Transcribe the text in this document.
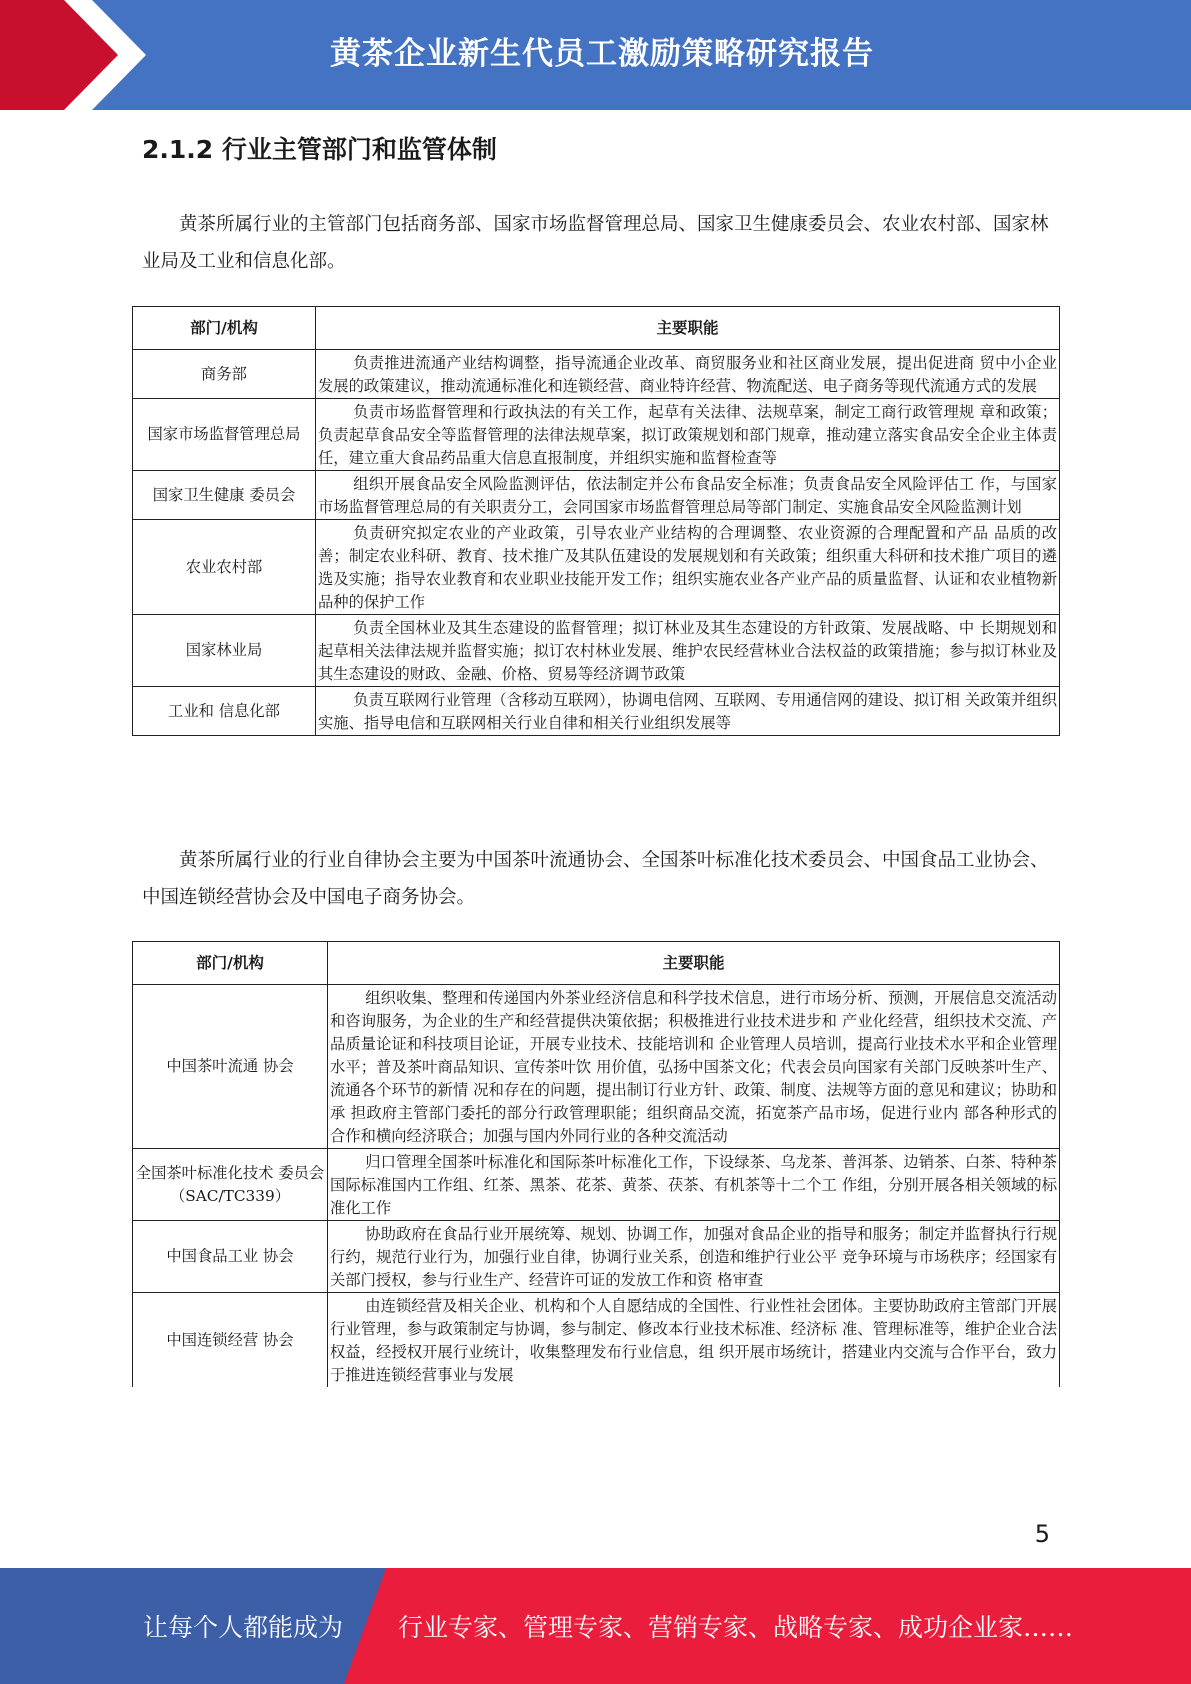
黄茶企业新生代员工激励策略研究报告
2.1.2 行业主管部门和监管体制

黄茶所属行业的主管部门包括商务部、国家市场监督管理总局、国家卫生健康委员会、农业农村部、国家林业局及工业和信息化部。

部门/机构	主要职能
商务部	负责推进流通产业结构调整，指导流通企业改革、商贸服务业和社区商业发展，提出促进商 贸中小企业发展的政策建议，推动流通标准化和连锁经营、商业特许经营、物流配送、电子商务等现代流通方式的发展
国家市场监督管理总局	负责市场监督管理和行政执法的有关工作，起草有关法律、法规草案，制定工商行政管理规 章和政策；负责起草食品安全等监督管理的法律法规草案，拟订政策规划和部门规章，推动建立落实食品安全企业主体责任，建立重大食品药品重大信息直报制度，并组织实施和监督检查等
国家卫生健康 委员会	组织开展食品安全风险监测评估，依法制定并公布食品安全标准；负责食品安全风险评估工 作，与国家市场监督管理总局的有关职责分工，会同国家市场监督管理总局等部门制定、实施食品安全风险监测计划
农业农村部	负责研究拟定农业的产业政策，引导农业产业结构的合理调整、农业资源的合理配置和产品 品质的改善；制定农业科研、教育、技术推广及其队伍建设的发展规划和有关政策；组织重大科研和技术推广项目的遴选及实施；指导农业教育和农业职业技能开发工作；组织实施农业各产业产品的质量监督、认证和农业植物新品种的保护工作
国家林业局	负责全国林业及其生态建设的监督管理；拟订林业及其生态建设的方针政策、发展战略、中 长期规划和起草相关法律法规并监督实施；拟订农村林业发展、维护农民经营林业合法权益的政策措施；参与拟订林业及其生态建设的财政、金融、价格、贸易等经济调节政策
工业和 信息化部	负责互联网行业管理（含移动互联网），协调电信网、互联网、专用通信网的建设、拟订相 关政策并组织实施、指导电信和互联网相关行业自律和相关行业组织发展等

黄茶所属行业的行业自律协会主要为中国茶叶流通协会、全国茶叶标准化技术委员会、中国食品工业协会、中国连锁经营协会及中国电子商务协会。

部门/机构	主要职能
中国茶叶流通 协会	组织收集、整理和传递国内外茶业经济信息和科学技术信息，进行市场分析、预测，开展信息交流活动和咨询服务，为企业的生产和经营提供决策依据；积极推进行业技术进步和 产业化经营，组织技术交流、产品质量论证和科技项目论证，开展专业技术、技能培训和 企业管理人员培训，提高行业技术水平和企业管理水平；普及茶叶商品知识、宣传茶叶饮 用价值，弘扬中国茶文化；代表会员向国家有关部门反映茶叶生产、流通各个环节的新情 况和存在的问题，提出制订行业方针、政策、制度、法规等方面的意见和建议；协助和承 担政府主管部门委托的部分行政管理职能；组织商品交流，拓宽茶产品市场，促进行业内 部各种形式的合作和横向经济联合；加强与国内外同行业的各种交流活动
全国茶叶标准化技术 委员会（SAC/TC339）	归口管理全国茶叶标准化和国际茶叶标准化工作，下设绿茶、乌龙茶、普洱茶、边销茶、白茶、特种茶国际标准国内工作组、红茶、黑茶、花茶、黄茶、茯茶、有机茶等十二个工 作组，分别开展各相关领域的标准化工作
中国食品工业 协会	协助政府在食品行业开展统筹、规划、协调工作，加强对食品企业的指导和服务；制定并监督执行行规行约，规范行业行为，加强行业自律，协调行业关系，创造和维护行业公平 竞争环境与市场秩序；经国家有关部门授权，参与行业生产、经营许可证的发放工作和资 格审查
中国连锁经营 协会	由连锁经营及相关企业、机构和个人自愿结成的全国性、行业性社会团体。主要协助政府主管部门开展行业管理，参与政策制定与协调，参与制定、修改本行业技术标准、经济标 准、管理标准等，维护企业合法权益，经授权开展行业统计，收集整理发布行业信息，组 织开展市场统计，搭建业内交流与合作平台，致力于推进连锁经营事业与发展
5
让每个人都能成为 行业专家、管理专家、营销专家、战略专家、成功企业家……
